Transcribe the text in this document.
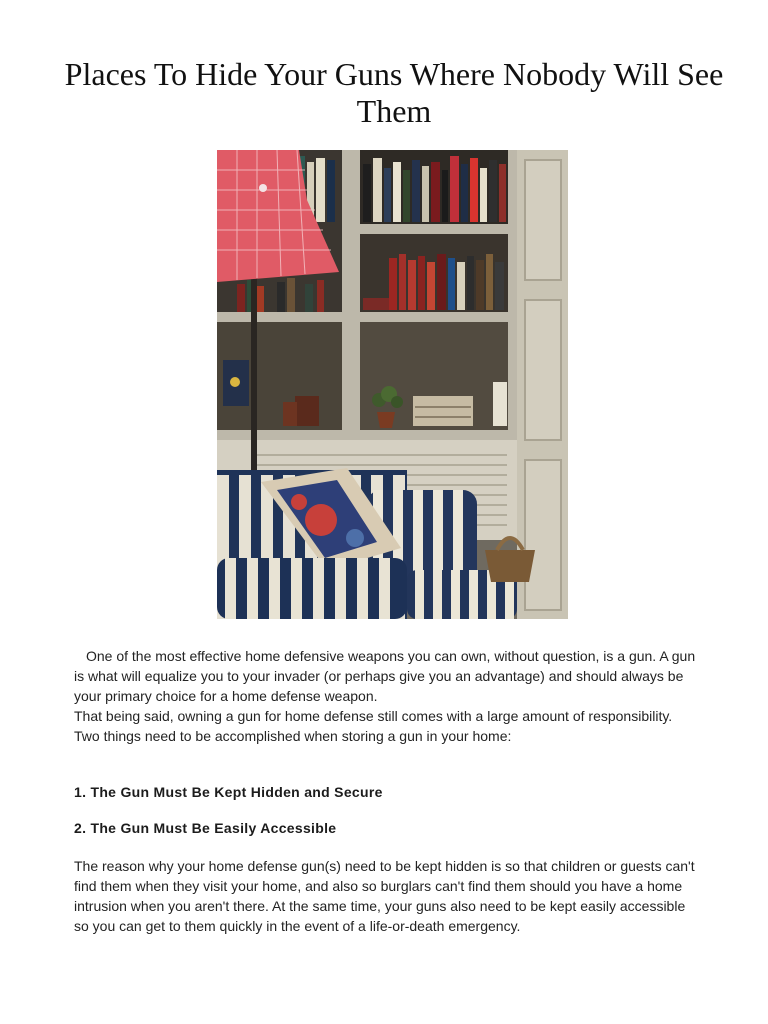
Places To Hide Your Guns Where Nobody Will See Them

One of the most effective home defensive weapons you can own, without question, is a gun. A gun is what will equalize you to your invader (or perhaps give you an advantage) and should always be your primary choice for a home defense weapon.
That being said, owning a gun for home defense still comes with a large amount of responsibility. Two things need to be accomplished when storing a gun in your home:

1. The Gun Must Be Kept Hidden and Secure

2. The Gun Must Be Easily Accessible

The reason why your home defense gun(s) need to be kept hidden is so that children or guests can't find them when they visit your home, and also so burglars can't find them should you have a home intrusion when you aren't there. At the same time, your guns also need to be kept easily accessible so you can get to them quickly in the event of a life-or-death emergency.
